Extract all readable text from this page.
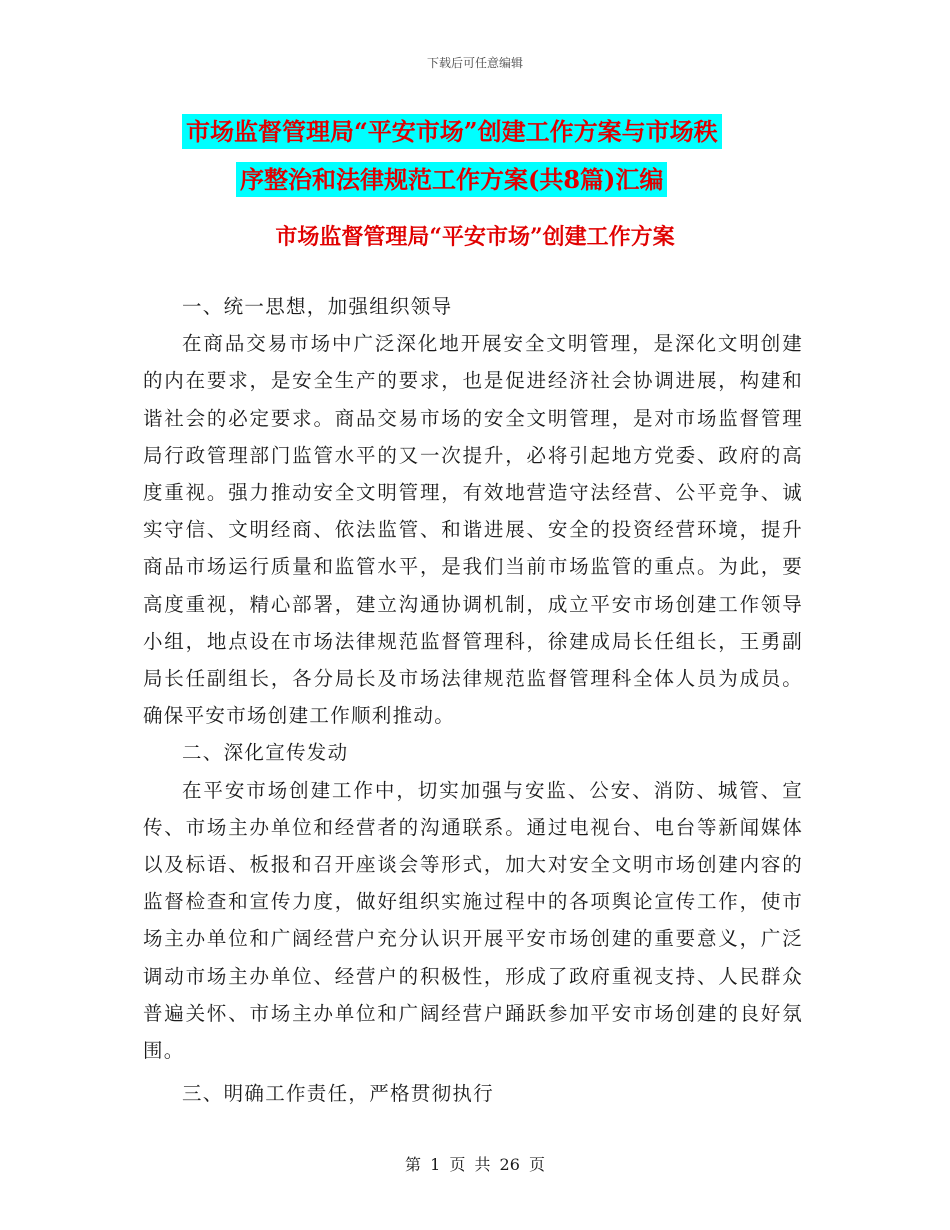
下载后可任意编辑
市场监督管理局“平安市场”创建工作方案与市场秩
序整治和法律规范工作方案(共8篇)汇编
市场监督管理局“平安市场”创建工作方案
一、统一思想，加强组织领导

在商品交易市场中广泛深化地开展安全文明管理，是深化文明创建的内在要求，是安全生产的要求，也是促进经济社会协调进展，构建和谐社会的必定要求。商品交易市场的安全文明管理，是对市场监督管理局行政管理部门监管水平的又一次提升，必将引起地方党委、政府的高度重视。强力推动安全文明管理，有效地营造守法经营、公平竞争、诚实守信、文明经商、依法监管、和谐进展、安全的投资经营环境，提升商品市场运行质量和监管水平，是我们当前市场监管的重点。为此，要高度重视，精心部署，建立沟通协调机制，成立平安市场创建工作领导小组，地点设在市场法律规范监督管理科，徐建成局长任组长，王勇副局长任副组长，各分局长及市场法律规范监督管理科全体人员为成员。确保平安市场创建工作顺利推动。

二、深化宣传发动

在平安市场创建工作中，切实加强与安监、公安、消防、城管、宣传、市场主办单位和经营者的沟通联系。通过电视台、电台等新闻媒体以及标语、板报和召开座谈会等形式，加大对安全文明市场创建内容的监督检查和宣传力度，做好组织实施过程中的各项舆论宣传工作，使市场主办单位和广阔经营户充分认识开展平安市场创建的重要意义，广泛调动市场主办单位、经营户的积极性，形成了政府重视支持、人民群众普遍关怀、市场主办单位和广阔经营户踊跃参加平安市场创建的良好氛围。

三、明确工作责任，严格贯彻执行
第 1 页 共 26 页
